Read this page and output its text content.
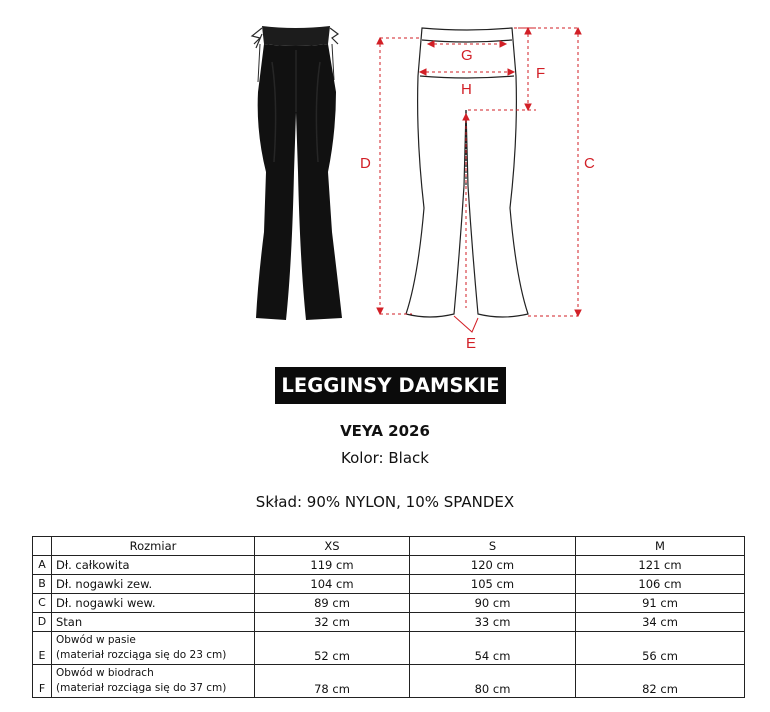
G
H
F
D	C
E
LEGGINSY DAMSKIE
VEYA 2026
Kolor: Black
Skład: 90% NYLON, 10% SPANDEX
	Rozmiar	XS	S	M
A	Dł. całkowita	119 cm	120 cm	121 cm
B	Dł. nogawki zew.	104 cm	105 cm	106 cm
C	Dł. nogawki wew.	89 cm	90 cm	91 cm
D	Stan	32 cm	33 cm	34 cm
E	Obwód w pasie
(materiał rozciąga się do 23 cm)	52 cm	54 cm	56 cm
F	Obwód w biodrach
(materiał rozciąga się do 37 cm)	78 cm	80 cm	82 cm
